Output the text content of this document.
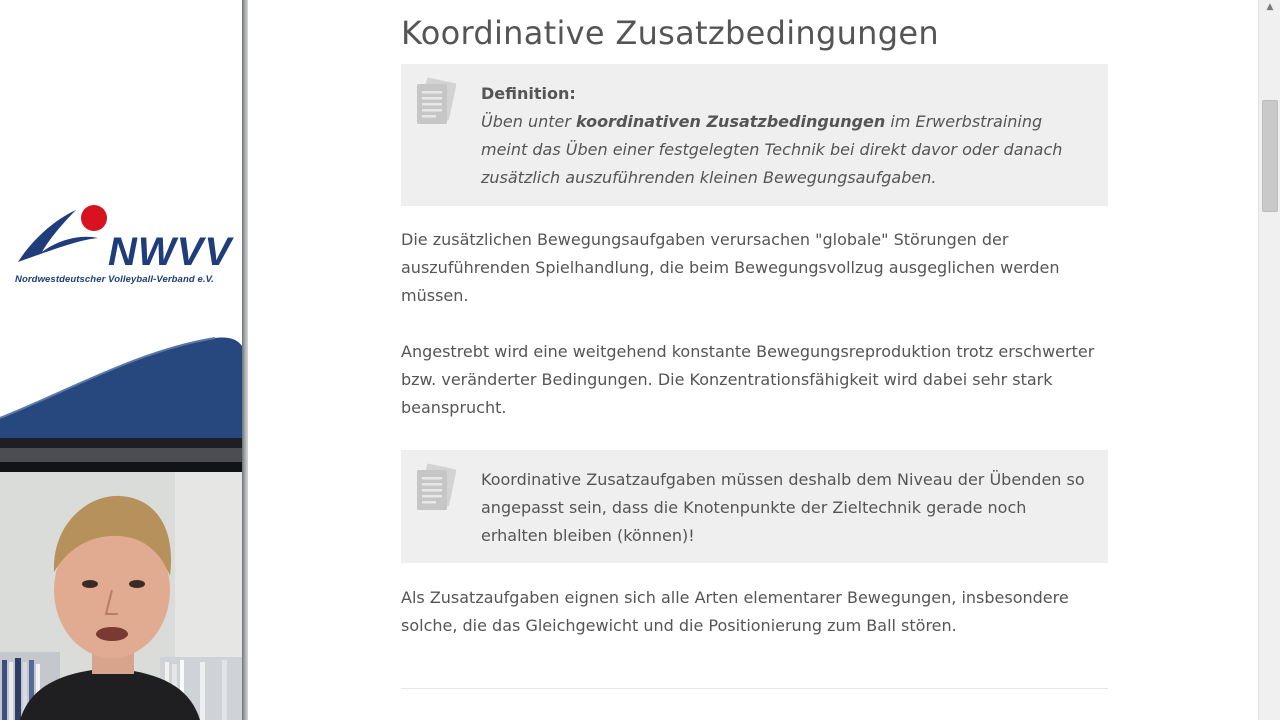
NWVV
Nordwestdeutscher Volleyball-Verband e.V.
Koordinative Zusatzbedingungen
Definition:
Üben unter koordinativen Zusatzbedingungen im Erwerbstraining meint das Üben einer festgelegten Technik bei direkt davor oder danach zusätzlich auszuführenden kleinen Bewegungsaufgaben.

Die zusätzlichen Bewegungsaufgaben verursachen "globale" Störungen der auszuführenden Spielhandlung, die beim Bewegungsvollzug ausgeglichen werden müssen.

Angestrebt wird eine weitgehend konstante Bewegungsreproduktion trotz erschwerter bzw. veränderter Bedingungen. Die Konzentrationsfähigkeit wird dabei sehr stark beansprucht.

Koordinative Zusatzaufgaben müssen deshalb dem Niveau der Übenden so angepasst sein, dass die Knotenpunkte der Zieltechnik gerade noch erhalten bleiben (können)!

Als Zusatzaufgaben eignen sich alle Arten elementarer Bewegungen, insbesondere solche, die das Gleichgewicht und die Positionierung zum Ball stören.

▲
